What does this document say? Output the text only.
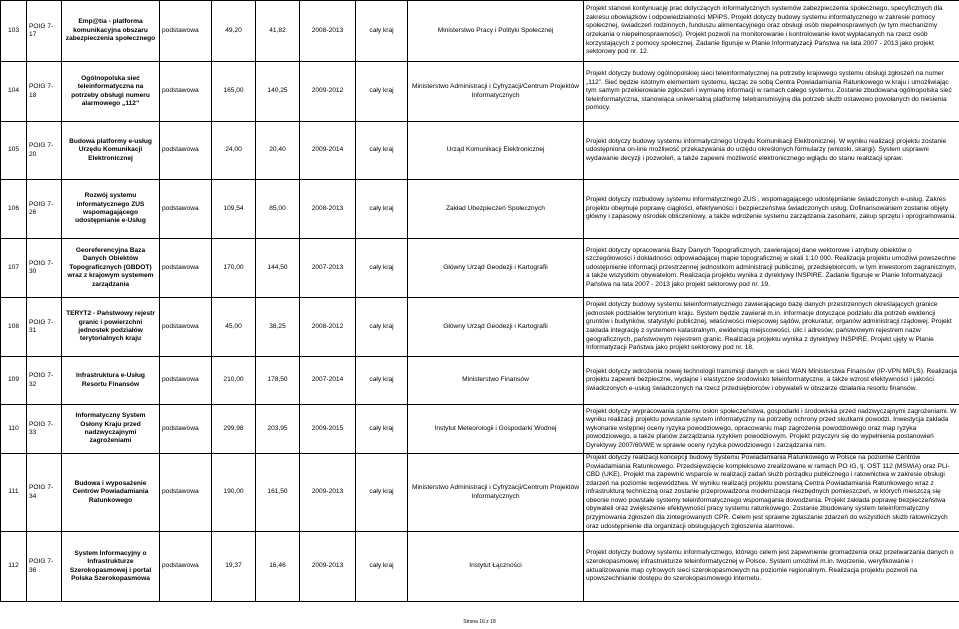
103	POIG 7-17	Emp@tia - platforma komunikacyjna obszaru zabezpieczenia społecznego	podstawowa	49,20	41,82	2008-2013	cały kraj	Ministerstwo Pracy i Polityki Społecznej	Projekt stanowi kontynuację prac dotyczących informatycznych systemów zabezpieczenia społecznego, specyficznych dla zakresu obowiązków i odpowiedzialności MPiPS. Projekt dotyczy budowy systemu informatycznego w zakresie pomocy społecznej, świadczeń rodzinnych, funduszu alimentacyjnego oraz obsługi osób niepełnosprawnych (w tym mechanizmy orzekania o niepełnosprawności). Projekt pozwoli na monitorowanie i kontrolowanie kwot wypłacanych na rzecz osób korzystających z pomocy społecznej. Zadanie figuruje w Planie Informatyzacji Państwa na lata 2007 - 2013 jako projekt sektorowy pod nr. 12.
104	POIG 7-18	Ogólnopolska sieć teleinformatyczna na potrzeby obsługi numeru alarmowego „112”	podstawowa	165,00	140,25	2009-2012	cały kraj	Ministerstwo Administracji i Cyfryzacji/Centrum Projektów Informatycznych	Projekt dotyczy budowy ogólnopolskiej sieci teleinformatycznej na potrzeby krajowego systemu obsługi zgłoszeń na numer „112”. Sieć będzie istotnym elementem systemu, łącząc ze sobą Centra Powiadamiania Ratunkowego w kraju i umożliwiając tym samym przekierowanie zgłoszeń i wymianę informacji w ramach całego systemu. Zostanie zbudowana ogólnopolska sieć teleinformatyczna, stanowiąca uniwersalną platformę teletransmisyjną dla potrzeb służb ustawowo powołanych do niesienia pomocy.
105	POIG 7-20	Budowa platformy e-usług Urzędu Komunikacji Elektronicznej	podstawowa	24,00	20,40	2009-2014	cały kraj	Urząd Komunikacji Elektronicznej	Projekt dotyczy budowy systemu informatycznego Urzędu Komunikacji Elektronicznej. W wyniku realizacji projektu zostanie udostępniona on-line możliwość przekazywania do urzędu określonych formularzy (wnioski, skargi). System usprawni wydawanie decyzji i pozwoleń, a także zapewni możliwość elektronicznego wglądu do stanu realizacji spraw.
106	POIG 7-26	Rozwój systemu informatycznego ZUS wspomagającego udostępnianie e-Usług	podstawowa	109,54	85,00	2008-2013	cały kraj	Zakład Ubezpieczeń Społecznych	Projekt dotyczy rozbudowy systemu informatycznego ZUS , wspomagającego udostępnianie świadczonych e-usług. Zakres projektu obejmuje poprawę ciągłości, efektywności i bezpieczeństwa świadczonych usług. Dofinansowaniem zostanie objęty główny i zapasowy ośrodek obliczeniowy, a także wdrożenie systemu zarządzania zasobami, zakup sprzętu i oprogramowania.
107	POIG 7-30	Georeferencyjna Baza Danych Obiektów Topograficznych (GBDOT) wraz z krajowym systemem zarządzania	podstawowa	170,00	144,50	2007-2013	cały kraj	Główny Urząd Geodezji i Kartografii	Projekt dotyczy opracowania Bazy Danych Topograficznych, zawierającej dane wektorowe i atrybuty obiektów o szczegółowości i dokładności odpowiadającej mapie topograficznej w skali 1:10 000. Realizacja projektu umożliwi powszechne udostępnienie informacji przestrzennej jednostkom administracji publicznej, przedsiębiorcom, w tym inwestorom zagranicznym, a także wszystkim obywatelom. Realizacja projektu wynika z dyrektywy INSPIRE. Zadanie figuruje w Planie Informatyzacji Państwa na lata 2007 - 2013 jako projekt sektorowy pod nr. 19.
108	POIG 7-31	TERYT2 - Państwowy rejestr granic i powierzchni jednostek podziałów terytorialnych kraju	podstawowa	45,00	38,25	2008-2012	cały kraj	Główny Urząd Geodezji i Kartografii	Projekt dotyczy budowy systemu teleinformatycznego zawierającego bazę danych przestrzennych określających granice jednostek podziałów terytorium kraju. System będzie zawierał m.in. informacje dotyczące podziału dla potrzeb ewidencji gruntów i budynków, statystyki publicznej, właściwości miejscowej sądów, prokuratur, organów administracji rządowej. Projekt zakłada integrację z systemem katastralnym, ewidencją miejscowości, ulic i adresów, państwowym rejestrem nazw geograficznych, państwowym rejestrem granic. Realizacja projektu wynika z dyrektywy INSPIRE. Projekt ujęty w Planie Informatyzacji Państwa jako projekt sektorowy pod nr. 18.
109	POIG 7-32	Infrastruktura e-Usług Resortu Finansów	podstawowa	210,00	178,50	2007-2014	cały kraj	Ministerstwo Finansów	Projekt dotyczy wdrożenia nowej technologii transmisji danych w sieci WAN Ministerstwa Finansów (IP-VPN MPLS). Realizacja projektu zapewni bezpieczne, wydajne i elastyczne środowisko teleinformatyczne, a także wzrost efektywności i jakości świadczonych e-usług świadczonych na rzecz przedsiębiorców i obywateli w obszarze działania resortu finansów.
110	POIG 7-33	Informatyczny System Osłony Kraju przed nadzwyczajnymi zagrożeniami	podstawowa	299,98	203,95	2009-2015	cały kraj	Instytut Meteorologii i Gospodarki Wodnej	Projekt dotyczy wypracowania systemu osłon społeczeństwa, gospodarki i środowiska przed nadzwyczajnymi zagrożeniami. W wyniku realizacji projektu powstanie system informatyczny na potrzeby ochrony przed skutkami powodzi. Inwestycja zakłada wykonanie wstępnej oceny ryzyka powodziowego, opracowaniu map zagrożenia powodziowego oraz map ryzyka powodziowego, a także planów zarządzania ryzykiem powodziowym. Projekt przyczyni się do wypełnienia postanowień Dyrektywy 2007/60/WE w sprawie oceny ryzyka powodziowego i zarządzania nim.
111	POIG 7-34	Budowa i wyposażenie Centrów Powiadamiania Ratunkowego	podstawowa	190,00	161,50	2009-2013	cały kraj	Ministerstwo Administracji i Cyfryzacji/Centrum Projektów Informatycznych	Projekt dotyczy realizacji koncepcji budowy Systemu Powiadamiania Ratunkowego w Polsce na poziomie Centrów Powiadamiania Ratunkowego. Przedsięwzięcie kompleksowo zrealizowane w ramach PO IG, tj. OST 112 (MSWiA) oraz PLI-CBD (UKE). Projekt ma zapewnić wsparcie w realizacji zadań służb porządku publicznego i ratownictwa w zakresie obsługi zdarzeń na poziomie województwa. W wyniku realizacji projektu powstaną Centra Powiadamiania Ratunkowego wraz z infrastrukturą techniczną oraz zostanie przeprowadzona modernizacja niezbędnych pomieszczeń, w których mieszczą się obecnie nowo powstałe systemy teleinformatycznego wspomagania dowodzenia. Projekt zakłada poprawę bezpieczeństwa obywateli oraz zwiększenie efektywności pracy systemu ratunkowego. Zostanie zbudowany system teleinformatyczny przyjmowania zgłoszeń dla zintegrowanych CPR. Celem jest sprawne zgłaszanie zdarzeń do wszystkich służb ratowniczych oraz udostępnienie dla organizacji obsługujących zgłoszenia alarmowe.
112	POIG 7-36	System Informacyjny o Infrastrukturze Szerokopasmowej i portal Polska Szerokopasmowa	podstawowa	19,37	16,46	2009-2013	cały kraj	Instytut Łączności	Projekt dotyczy budowy systemu informatycznego, którego celem jest zapewnienie gromadzenia oraz przetwarzania danych o szerokopasmowej infrastrukturze teleinformatycznej w Polsce. System umożliwi m.in. tworzenie, weryfikowanie i aktualizowanie map cyfrowych sieci szerokopasmowych na poziomie regionalnym. Realizacja projektu pozwoli na upowszechnianie dostępu do szerokopasmowego Internetu.
Strona 16 z 18
